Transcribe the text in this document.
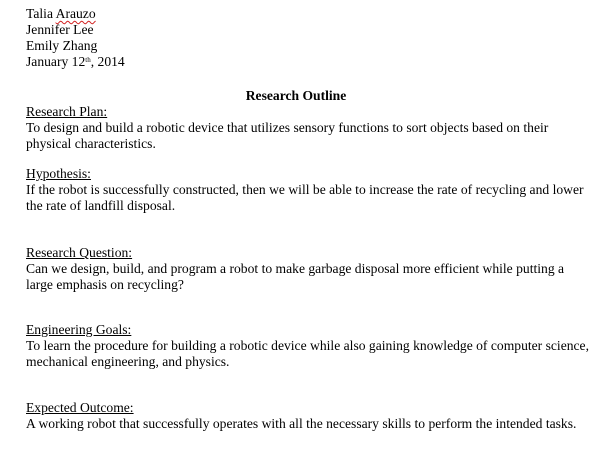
Talia Arauzo
Jennifer Lee
Emily Zhang
January 12th, 2014
Research Outline
Research Plan:
To design and build a robotic device that utilizes sensory functions to sort objects based on their physical characteristics.
Hypothesis:
If the robot is successfully constructed, then we will be able to increase the rate of recycling and lower the rate of landfill disposal.
Research Question:
Can we design, build, and program a robot to make garbage disposal more efficient while putting a large emphasis on recycling?
Engineering Goals:
To learn the procedure for building a robotic device while also gaining knowledge of computer science, mechanical engineering, and physics.
Expected Outcome:
A working robot that successfully operates with all the necessary skills to perform the intended tasks.
